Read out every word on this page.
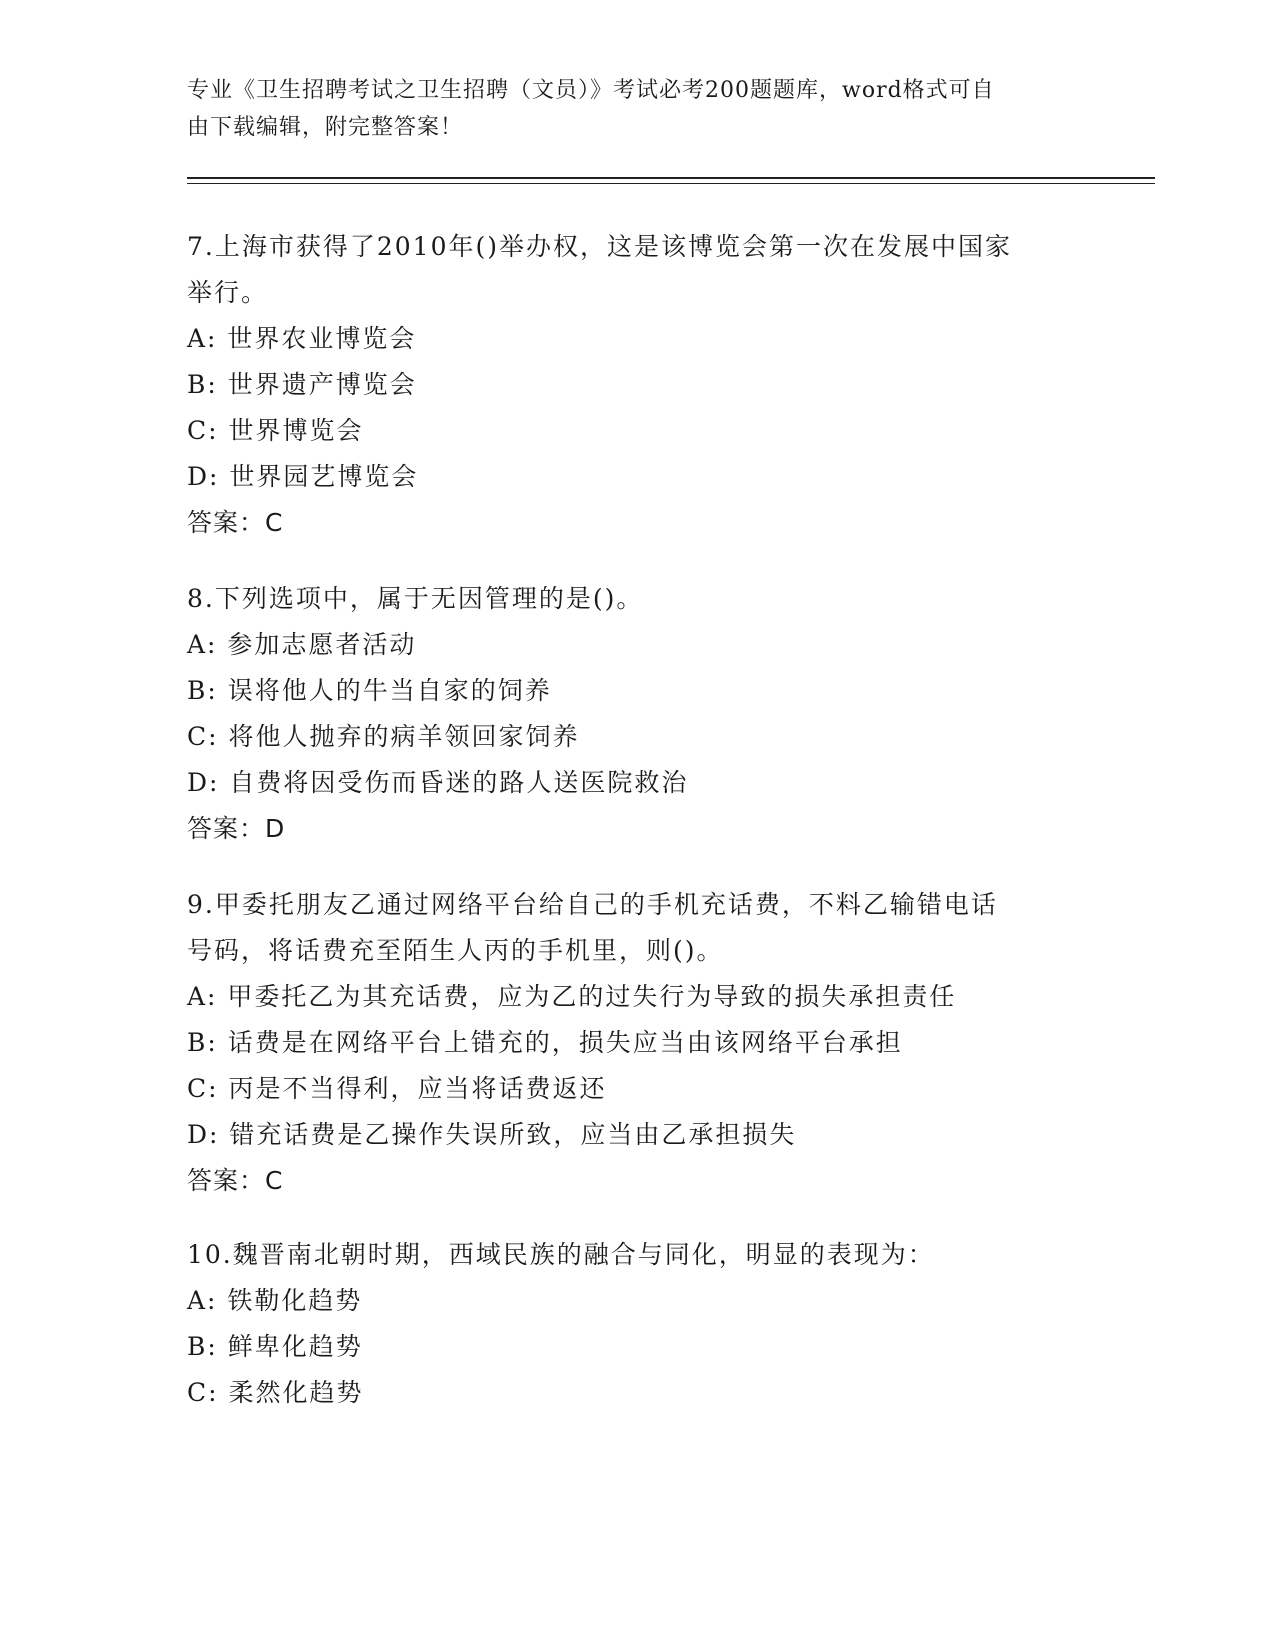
专业《卫生招聘考试之卫生招聘（文员）》考试必考200题题库，word格式可自
由下载编辑，附完整答案！

7.上海市获得了2010年()举办权，这是该博览会第一次在发展中国家

举行。

A: 世界农业博览会

B: 世界遗产博览会

C: 世界博览会

D: 世界园艺博览会

答案：C

8.下列选项中，属于无因管理的是()。

A: 参加志愿者活动

B: 误将他人的牛当自家的饲养

C: 将他人抛弃的病羊领回家饲养

D: 自费将因受伤而昏迷的路人送医院救治

答案：D

9.甲委托朋友乙通过网络平台给自己的手机充话费，不料乙输错电话

号码，将话费充至陌生人丙的手机里，则()。

A: 甲委托乙为其充话费，应为乙的过失行为导致的损失承担责任

B: 话费是在网络平台上错充的，损失应当由该网络平台承担

C: 丙是不当得利，应当将话费返还

D: 错充话费是乙操作失误所致，应当由乙承担损失

答案：C

10.魏晋南北朝时期，西域民族的融合与同化，明显的表现为：

A: 铁勒化趋势

B: 鲜卑化趋势

C: 柔然化趋势
